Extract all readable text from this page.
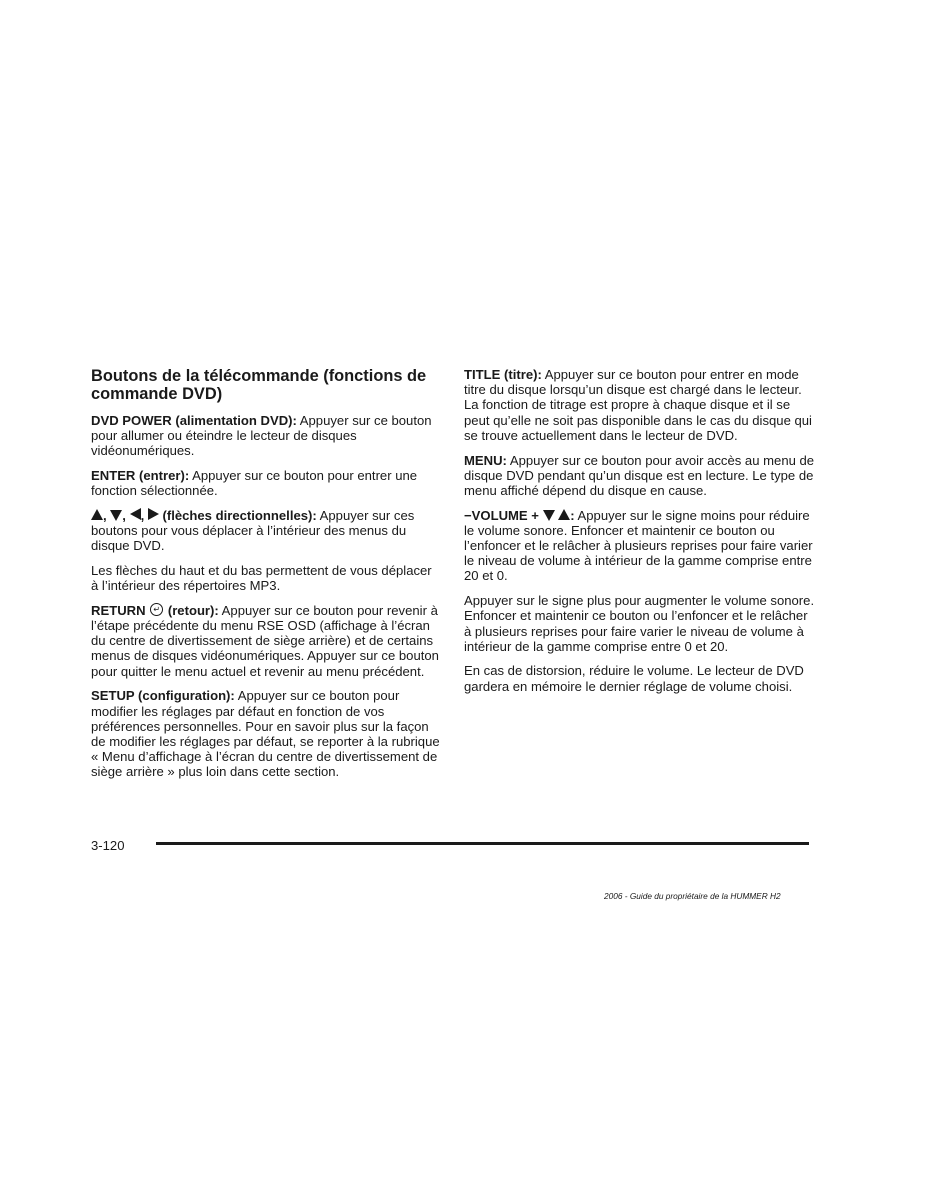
Boutons de la télécommande (fonctions de commande DVD)

DVD POWER (alimentation DVD): Appuyer sur ce bouton pour allumer ou éteindre le lecteur de disques vidéonumériques.

ENTER (entrer): Appuyer sur ce bouton pour entrer une fonction sélectionnée.

, , ,  (flèches directionnelles): Appuyer sur ces boutons pour vous déplacer à l’intérieur des menus du disque DVD.

Les flèches du haut et du bas permettent de vous déplacer à l’intérieur des répertoires MP3.

RETURN ↵ (retour): Appuyer sur ce bouton pour revenir à l’étape précédente du menu RSE OSD (affichage à l’écran du centre de divertissement de siège arrière) et de certains menus de disques vidéonumériques. Appuyer sur ce bouton pour quitter le menu actuel et revenir au menu précédent.

SETUP (configuration): Appuyer sur ce bouton pour modifier les réglages par défaut en fonction de vos préférences personnelles. Pour en savoir plus sur la façon de modifier les réglages par défaut, se reporter à la rubrique « Menu d’affichage à l’écran du centre de divertissement de siège arrière » plus loin dans cette section.

TITLE (titre): Appuyer sur ce bouton pour entrer en mode titre du disque lorsqu’un disque est chargé dans le lecteur. La fonction de titrage est propre à chaque disque et il se peut qu’elle ne soit pas disponible dans le cas du disque qui se trouve actuellement dans le lecteur de DVD.

MENU: Appuyer sur ce bouton pour avoir accès au menu de disque DVD pendant qu’un disque est en lecture. Le type de menu affiché dépend du disque en cause.

−VOLUME +  : Appuyer sur le signe moins pour réduire le volume sonore. Enfoncer et maintenir ce bouton ou l’enfoncer et le relâcher à plusieurs reprises pour faire varier le niveau de volume à intérieur de la gamme comprise entre 20 et 0.

Appuyer sur le signe plus pour augmenter le volume sonore. Enfoncer et maintenir ce bouton ou l’enfoncer et le relâcher à plusieurs reprises pour faire varier le niveau de volume à intérieur de la gamme comprise entre 0 et 20.

En cas de distorsion, réduire le volume. Le lecteur de DVD gardera en mémoire le dernier réglage de volume choisi.

3-120
2006 - Guide du propriétaire de la HUMMER H2
